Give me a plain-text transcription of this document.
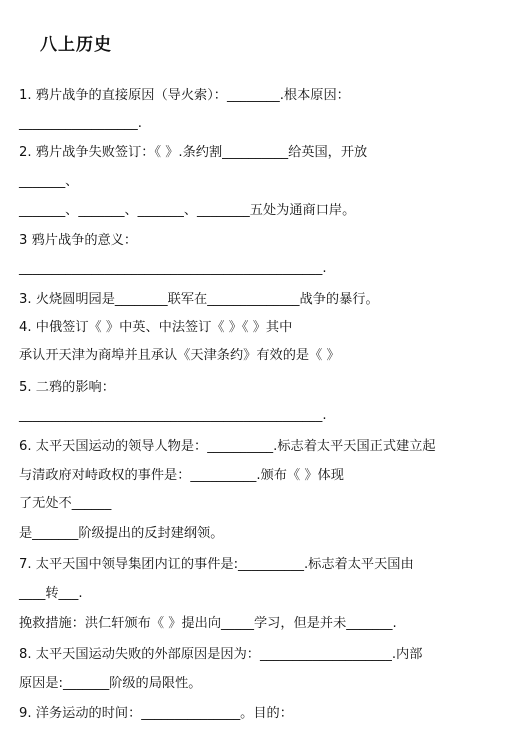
八上历史
1. 鸦片战争的直接原因（导火索）：________.根本原因：
__________________.
2. 鸦片战争失败签订：《 》.条约割__________给英国，开放
_______、
_______、_______、_______、________五处为通商口岸。
3 鸦片战争的意义：
______________________________________________.
3. 火烧圆明园是________联军在______________战争的暴行。
4. 中俄签订《 》中英、中法签订《 》《 》其中
承认开天津为商埠并且承认《天津条约》有效的是《 》
5. 二鸦的影响：
______________________________________________.
6. 太平天国运动的领导人物是：__________.标志着太平天国正式建立起
与清政府对峙政权的事件是：__________.颁布《 》体现
了无处不______
是_______阶级提出的反封建纲领。
7. 太平天国中领导集团内讧的事件是:__________.标志着太平天国由
____转___.
挽救措施：洪仁轩颁布《 》提出向_____学习，但是并未_______.
8. 太平天国运动失败的外部原因是因为：____________________.内部
原因是:_______阶级的局限性。
9. 洋务运动的时间：_______________。目的：
